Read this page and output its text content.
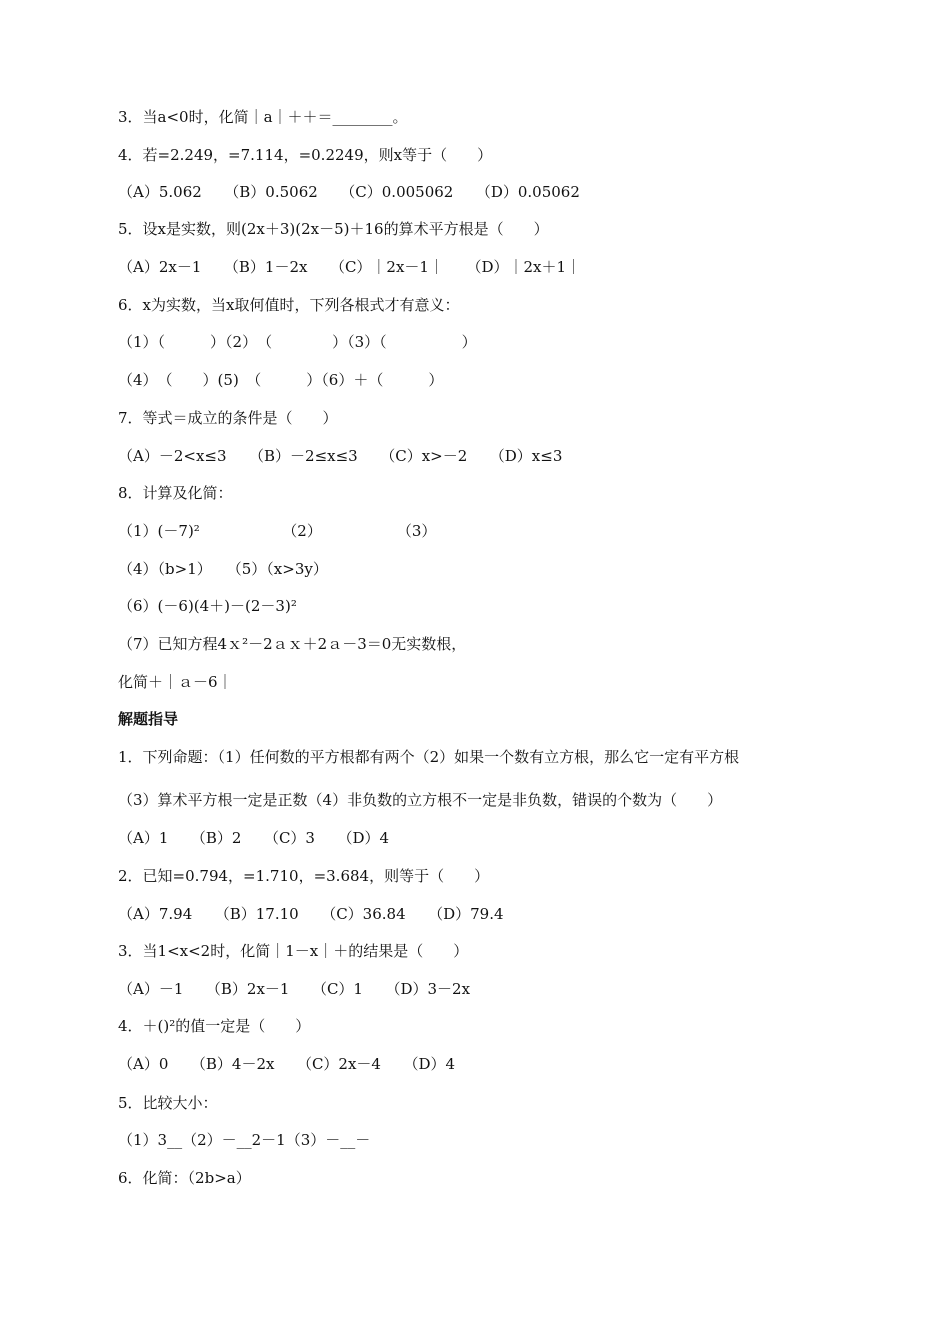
3．当a<0时，化简｜a｜＋＋＝________。
4．若=2.249，=7.114，=0.2249，则x等于（　　）
（A）5.062　　（B）0.5062　　（C）0.005062　　（D）0.05062
5．设x是实数，则(2x＋3)(2x－5)＋16的算术平方根是（　　）
（A）2x－1　　（B）1－2x　　（C）｜2x－1｜　　（D）｜2x＋1｜
6．x为实数，当x取何值时，下列各根式才有意义：
（1）（　　　）（2）　（　　　　）（3）（　　　　　）
（4）　（　　）(5)　（　　　）（6）＋（　　　）
7．等式＝成立的条件是（　　）
（A）－2<x≤3　　（B）－2≤x≤3　　（C）x>－2　　（D）x≤3
8．计算及化简：
（1）(－7)²　　　　　　（2）　　　　　　（3）
（4）（b>1）　　（5）（x>3y）
（6）(－6)(4＋)－(2－3)²
（7）已知方程4ｘ²－2ａｘ＋2ａ－3＝0无实数根，
化简＋｜ａ－6｜
解题指导
1．下列命题：（1）任何数的平方根都有两个（2）如果一个数有立方根，那么它一定有平方根
（3）算术平方根一定是正数（4）非负数的立方根不一定是非负数，错误的个数为（　　）
（A）1　　（B）2　　（C）3　　（D）4
2．已知=0.794，=1.710，=3.684，则等于（　　）
（A）7.94　　（B）17.10　　（C）36.84　　（D）79.4
3．当1<x<2时，化简｜1－x｜＋的结果是（　　）
（A）－1　　（B）2x－1　　（C）1　　（D）3－2x
4．＋()²的值一定是（　　）
（A）0　　（B）4－2x　　（C）2x－4　　（D）4
5．比较大小：
（1）3__（2）－__2－1（3）－__－
6．化简：（2b>a）
